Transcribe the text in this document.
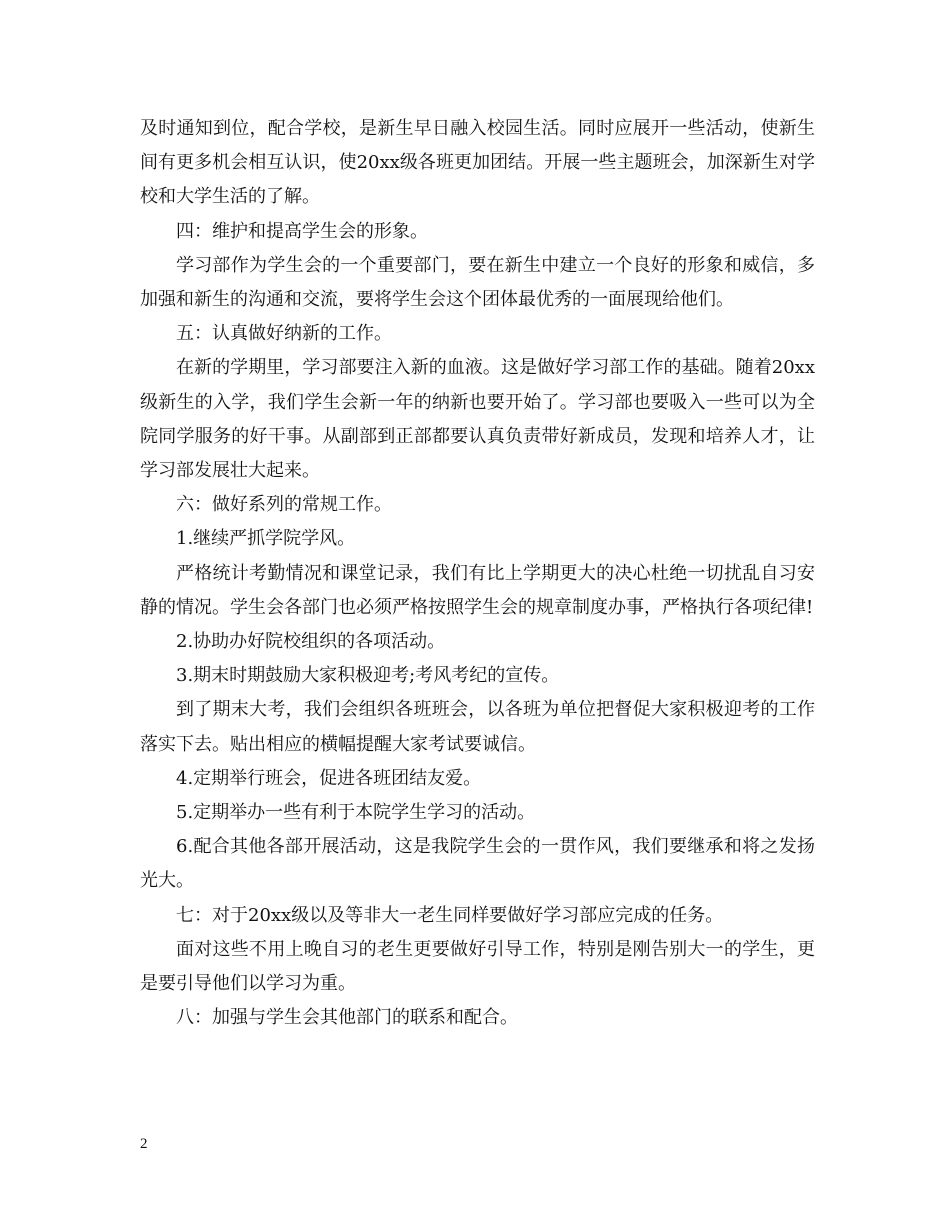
及时通知到位，配合学校，是新生早日融入校园生活。同时应展开一些活动，使新生间有更多机会相互认识，使20xx级各班更加团结。开展一些主题班会，加深新生对学校和大学生活的了解。

四：维护和提高学生会的形象。

学习部作为学生会的一个重要部门，要在新生中建立一个良好的形象和威信，多加强和新生的沟通和交流，要将学生会这个团体最优秀的一面展现给他们。

五：认真做好纳新的工作。

在新的学期里，学习部要注入新的血液。这是做好学习部工作的基础。随着20xx级新生的入学，我们学生会新一年的纳新也要开始了。学习部也要吸入一些可以为全院同学服务的好干事。从副部到正部都要认真负责带好新成员，发现和培养人才，让学习部发展壮大起来。

六：做好系列的常规工作。

1.继续严抓学院学风。

严格统计考勤情况和课堂记录，我们有比上学期更大的决心杜绝一切扰乱自习安静的情况。学生会各部门也必须严格按照学生会的规章制度办事，严格执行各项纪律!

2.协助办好院校组织的各项活动。

3.期末时期鼓励大家积极迎考;考风考纪的宣传。

到了期末大考，我们会组织各班班会，以各班为单位把督促大家积极迎考的工作落实下去。贴出相应的横幅提醒大家考试要诚信。

4.定期举行班会，促进各班团结友爱。

5.定期举办一些有利于本院学生学习的活动。

6.配合其他各部开展活动，这是我院学生会的一贯作风，我们要继承和将之发扬光大。

七：对于20xx级以及等非大一老生同样要做好学习部应完成的任务。

面对这些不用上晚自习的老生更要做好引导工作，特别是刚告别大一的学生，更是要引导他们以学习为重。

八：加强与学生会其他部门的联系和配合。

2
